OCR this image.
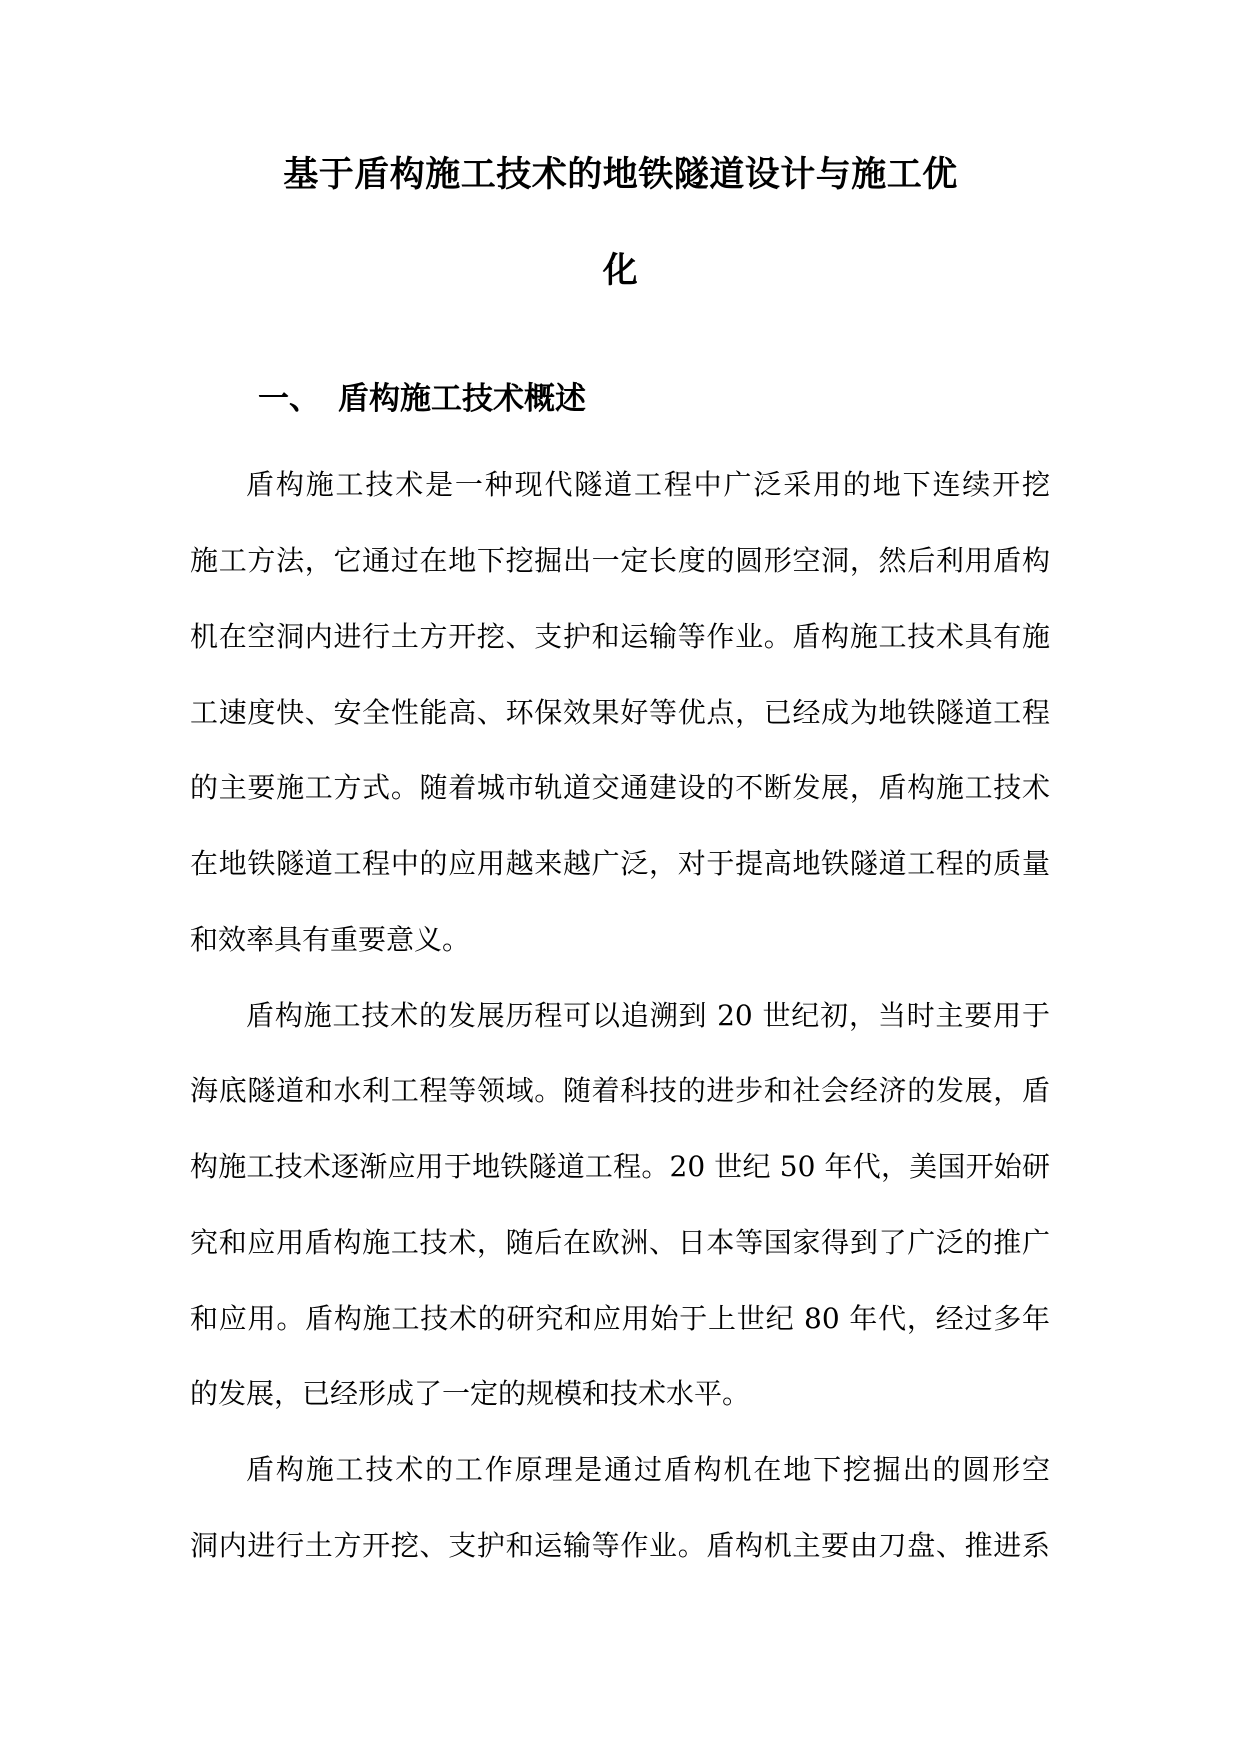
基于盾构施工技术的地铁隧道设计与施工优
化
一、 盾构施工技术概述
盾构施工技术是一种现代隧道工程中广泛采用的地下连续开挖
施工方法，它通过在地下挖掘出一定长度的圆形空洞，然后利用盾构
机在空洞内进行土方开挖、支护和运输等作业。盾构施工技术具有施
工速度快、安全性能高、环保效果好等优点，已经成为地铁隧道工程
的主要施工方式。随着城市轨道交通建设的不断发展，盾构施工技术
在地铁隧道工程中的应用越来越广泛，对于提高地铁隧道工程的质量
和效率具有重要意义。
盾构施工技术的发展历程可以追溯到 20 世纪初，当时主要用于
海底隧道和水利工程等领域。随着科技的进步和社会经济的发展，盾
构施工技术逐渐应用于地铁隧道工程。20 世纪 50 年代，美国开始研
究和应用盾构施工技术，随后在欧洲、日本等国家得到了广泛的推广
和应用。盾构施工技术的研究和应用始于上世纪 80 年代，经过多年
的发展，已经形成了一定的规模和技术水平。
盾构施工技术的工作原理是通过盾构机在地下挖掘出的圆形空
洞内进行土方开挖、支护和运输等作业。盾构机主要由刀盘、推进系
